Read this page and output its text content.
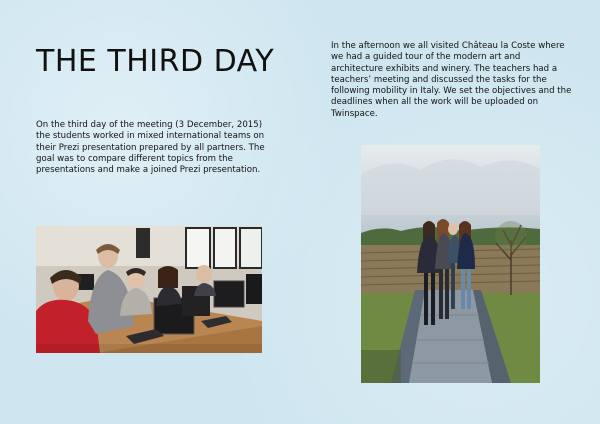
THE THIRD DAY

On the third day of the meeting (3 December, 2015) the students worked in mixed international teams on their Prezi presentation prepared by all partners. The goal was to compare different topics from the presentations and make a joined Prezi presentation.

In the afternoon we all visited Château la Coste where we had a guided tour of the modern art and architecture exhibits and winery. The teachers had a teachers’ meeting and discussed the tasks for the following mobility in Italy. We set the objectives and the deadlines when all the work will be uploaded on Twinspace.
